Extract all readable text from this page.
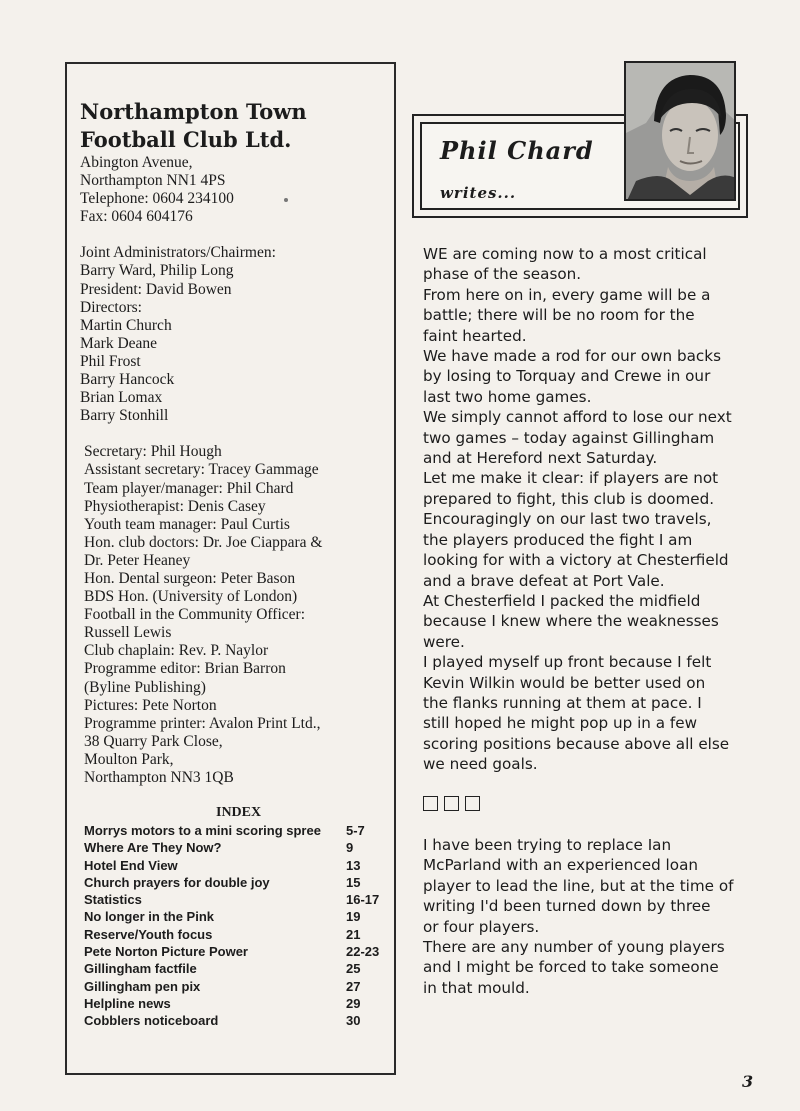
Northampton Town
Football Club Ltd.
Abington Avenue,
Northampton NN1 4PS
Telephone: 0604 234100
Fax: 0604 604176
Joint Administrators/Chairmen:
Barry Ward, Philip Long
President: David Bowen
Directors:
Martin Church
Mark Deane
Phil Frost
Barry Hancock
Brian Lomax
Barry Stonhill
Secretary: Phil Hough
Assistant secretary: Tracey Gammage
Team player/manager: Phil Chard
Physiotherapist: Denis Casey
Youth team manager: Paul Curtis
Hon. club doctors: Dr. Joe Ciappara &
Dr. Peter Heaney
Hon. Dental surgeon: Peter Bason
BDS Hon. (University of London)
Football in the Community Officer:
Russell Lewis
Club chaplain: Rev. P. Naylor
Programme editor: Brian Barron
(Byline Publishing)
Pictures: Pete Norton
Programme printer: Avalon Print Ltd.,
38 Quarry Park Close,
Moulton Park,
Northampton NN3 1QB
INDEX
Morrys motors to a mini scoring spree 5-7
Where Are They Now?	9
Hotel End View	13
Church prayers for double joy	15
Statistics	16-17
No longer in the Pink	19
Reserve/Youth focus	21
Pete Norton Picture Power	22-23
Gillingham factfile	25
Gillingham pen pix	27
Helpline news	29
Cobblers noticeboard	30
Phil Chard
writes...
WE are coming now to a most critical
phase of the season.
From here on in, every game will be a
battle; there will be no room for the
faint hearted.
We have made a rod for our own backs
by losing to Torquay and Crewe in our
last two home games.
We simply cannot afford to lose our next
two games – today against Gillingham
and at Hereford next Saturday.
Let me make it clear: if players are not
prepared to fight, this club is doomed.
Encouragingly on our last two travels,
the players produced the fight I am
looking for with a victory at Chesterfield
and a brave defeat at Port Vale.
At Chesterfield I packed the midfield
because I knew where the weaknesses
were.
I played myself up front because I felt
Kevin Wilkin would be better used on
the flanks running at them at pace. I
still hoped he might pop up in a few
scoring positions because above all else
we need goals.
I have been trying to replace Ian
McParland with an experienced loan
player to lead the line, but at the time of
writing I'd been turned down by three
or four players.
There are any number of young players
and I might be forced to take someone
in that mould.
3
